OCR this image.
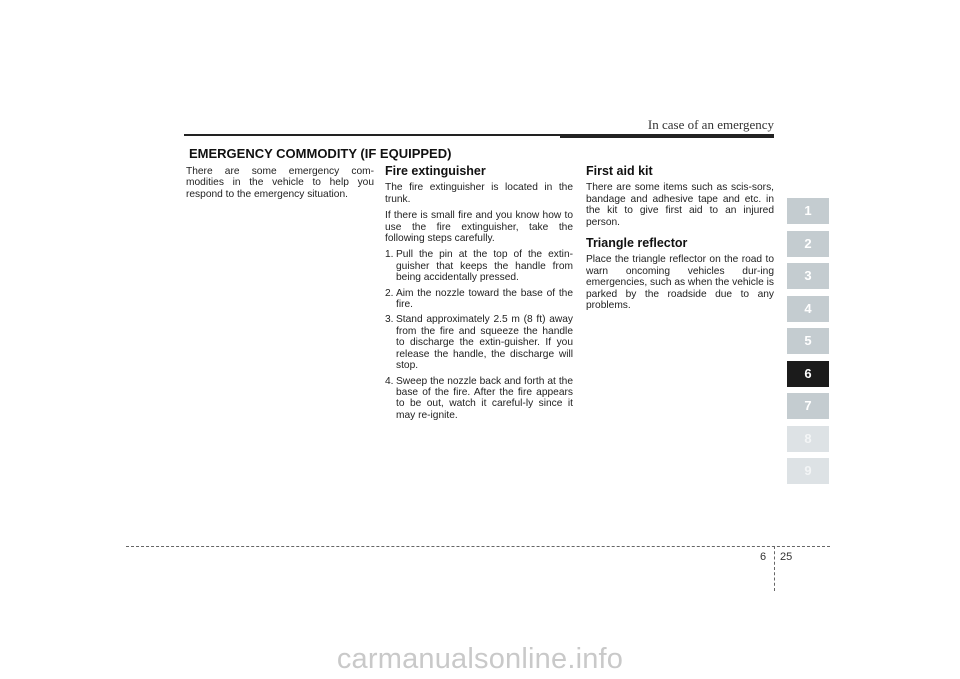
In case of an emergency
EMERGENCY COMMODITY (IF EQUIPPED)

There are some emergency com-modities in the vehicle to help you respond to the emergency situation.

Fire extinguisher

The fire extinguisher is located in the trunk.

If there is small fire and you know how to use the fire extinguisher, take the following steps carefully.

1. Pull the pin at the top of the extin-guisher that keeps the handle from being accidentally pressed.
2. Aim the nozzle toward the base of the fire.
3. Stand approximately 2.5 m (8 ft) away from the fire and squeeze the handle to discharge the extin-guisher. If you release the handle, the discharge will stop.
4. Sweep the nozzle back and forth at the base of the fire. After the fire appears to be out, watch it careful-ly since it may re-ignite.
First aid kit

There are some items such as scis-sors, bandage and adhesive tape and etc. in the kit to give first aid to an injured person.

Triangle reflector

Place the triangle reflector on the road to warn oncoming vehicles dur-ing emergencies, such as when the vehicle is parked by the roadside due to any problems.

1
2
3
4
5
6
7
8
9
6 25
carmanualsonline.info
